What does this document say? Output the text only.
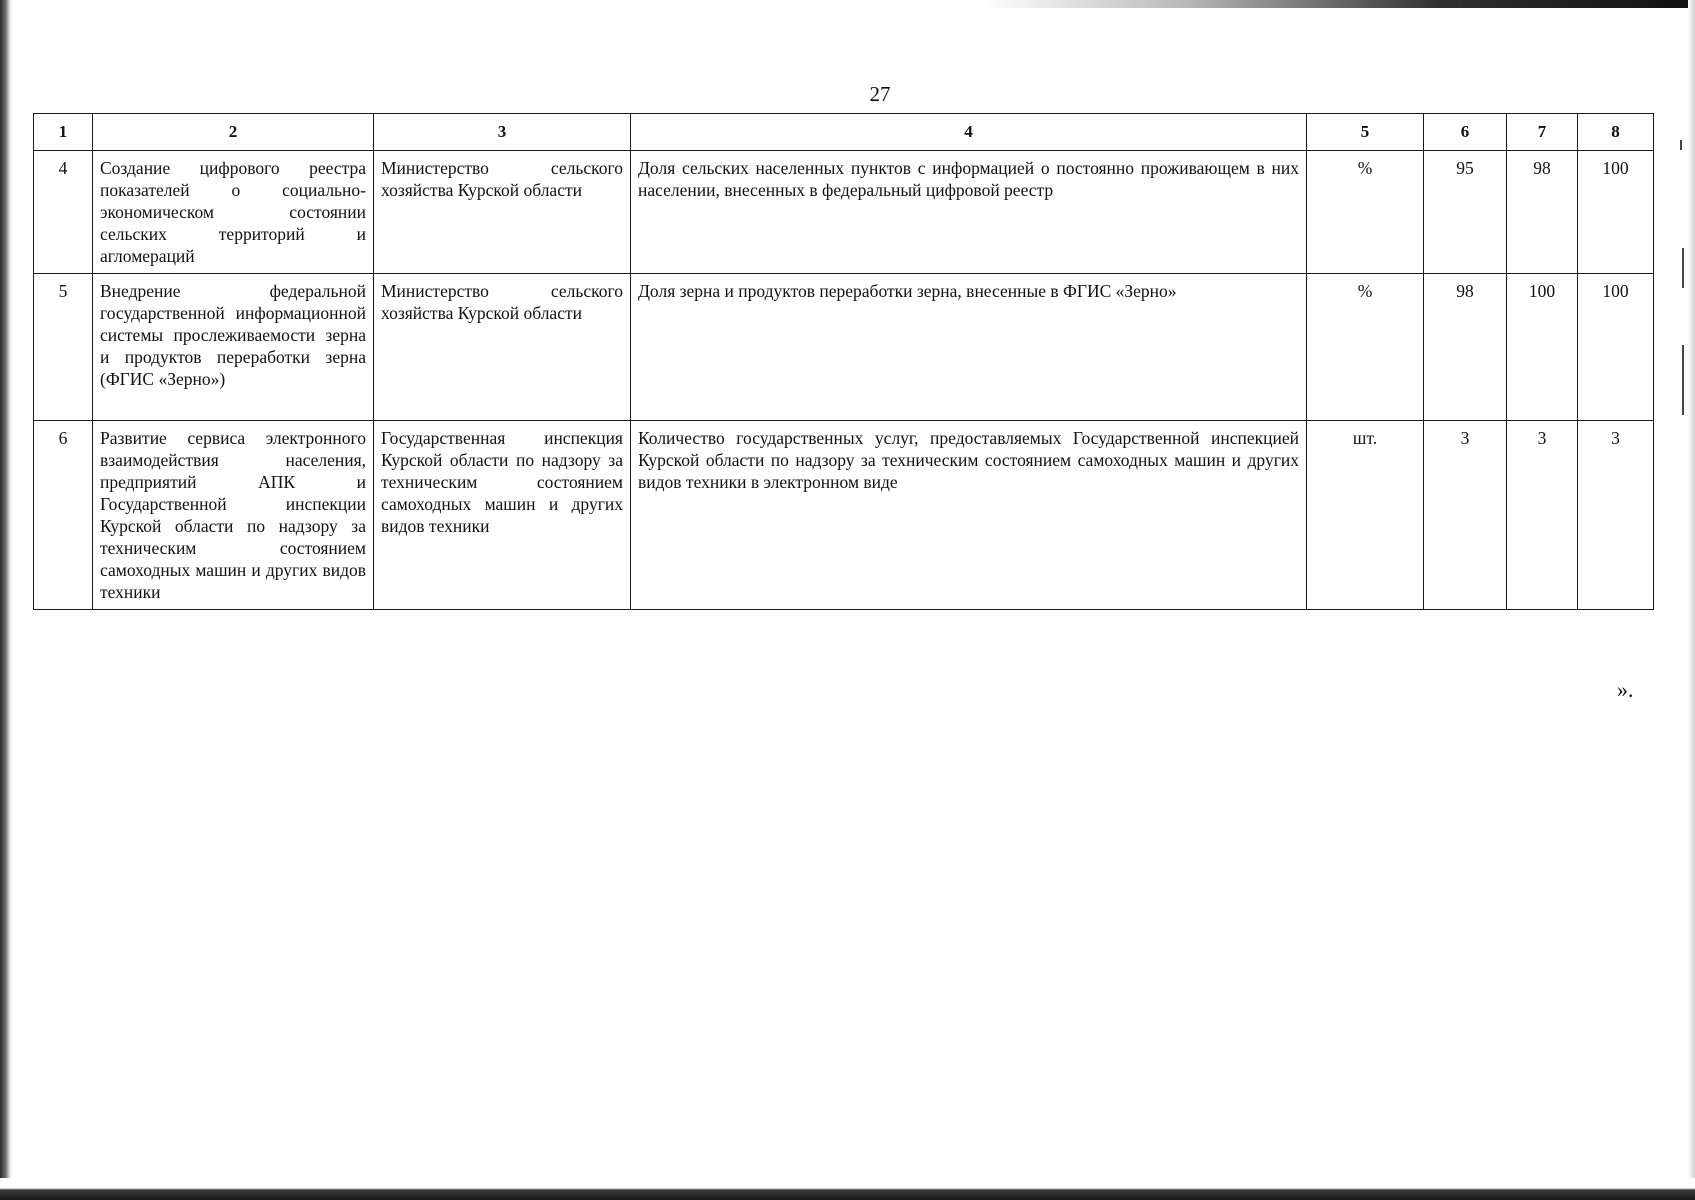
27
1	2	3	4	5	6	7	8
4	Создание цифрового реестра показателей о социально-экономическом состоянии сельских территорий и агломераций	Министерство сельского хозяйства Курской области	Доля сельских населенных пунктов с информацией о постоянно проживающем в них населении, внесенных в федеральный цифровой реестр	%	95	98	100
5	Внедрение федеральной государственной информационной системы прослеживаемости зерна и продуктов переработки зерна (ФГИС «Зерно»)	Министерство сельского хозяйства Курской области	Доля зерна и продуктов переработки зерна, внесенные в ФГИС «Зерно»	%	98	100	100
6	Развитие сервиса электронного взаимодействия населения, предприятий АПК и Государственной инспекции Курской области по надзору за техническим состоянием самоходных машин и других видов техники	Государственная инспекция Курской области по надзору за техническим состоянием самоходных машин и других видов техники	Количество государственных услуг, предоставляемых Государственной инспекцией Курской области по надзору за техническим состоянием самоходных машин и других видов техники в электронном виде	шт.	3	3	3
».
